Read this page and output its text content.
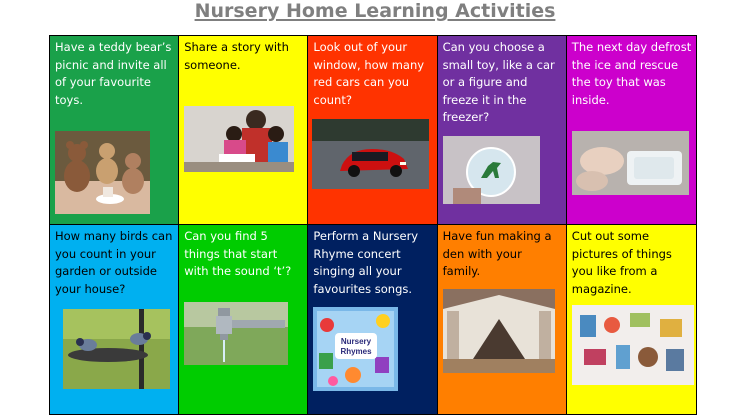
Nursery Home Learning Activities
Have a teddy bear’s picnic and invite all of your favourite toys.
Share a story with someone.
Look out of your window, how many red cars can you count?
Can you choose a small toy, like a car or a figure and freeze it in the freezer?
The next day defrost the ice and rescue the toy that was inside.
How many birds can you count in your garden or outside your house?
Can you find 5 things that start with the sound ‘t’?
Perform a Nursery Rhyme concert singing all your favourites songs.
Nursery
Rhymes
Have fun making a den with your family.
Cut out some pictures of things you like from a magazine.
